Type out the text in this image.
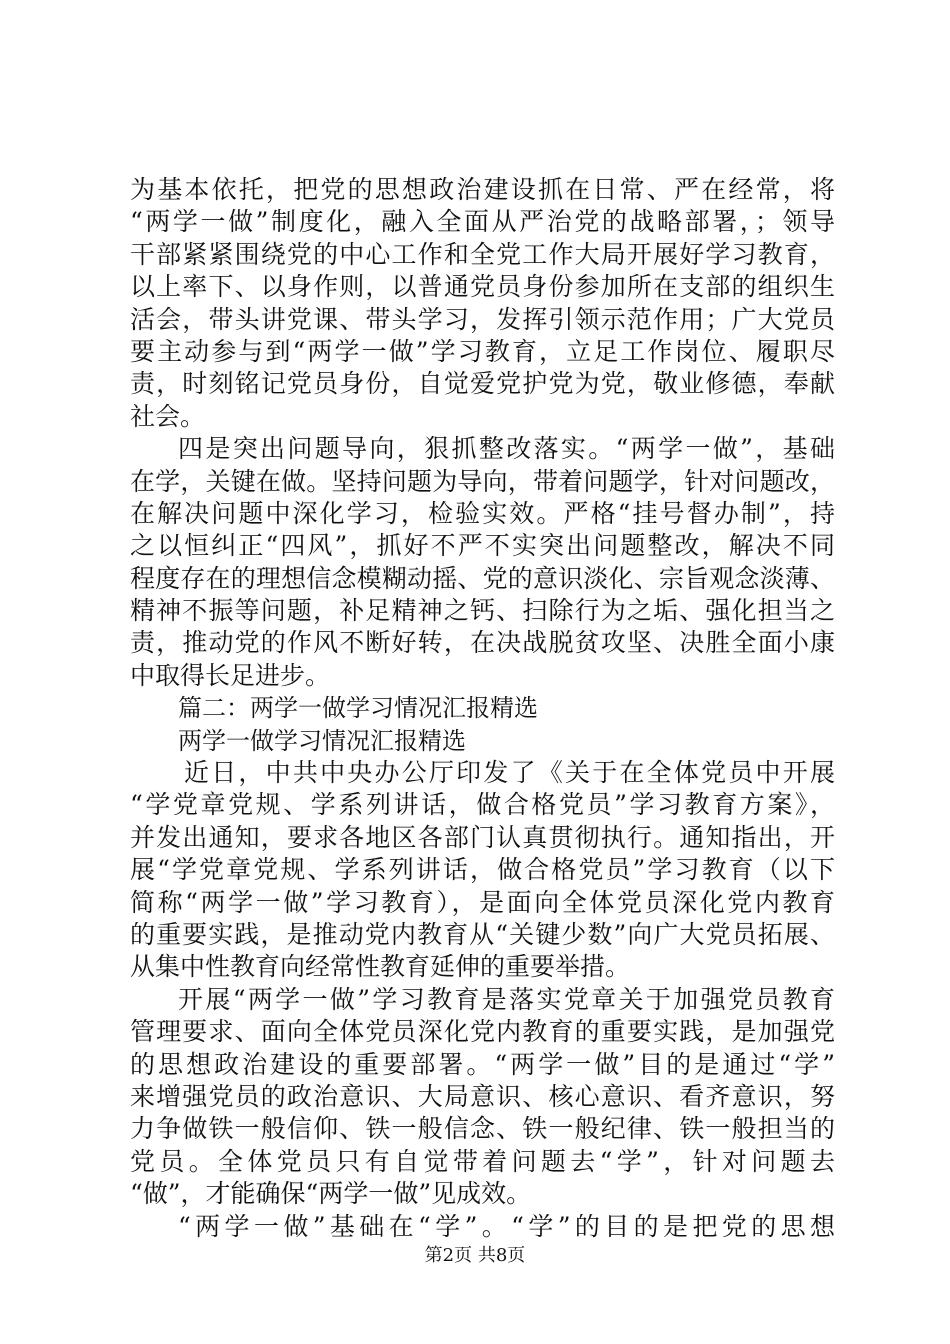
为基本依托，把党的思想政治建设抓在日常、严在经常，将
“两学一做”制度化，融入全面从严治党的战略部署，；领导
干部紧紧围绕党的中心工作和全党工作大局开展好学习教育，
以上率下、以身作则，以普通党员身份参加所在支部的组织生
活会，带头讲党课、带头学习，发挥引领示范作用；广大党员
要主动参与到“两学一做”学习教育，立足工作岗位、履职尽
责，时刻铭记党员身份，自觉爱党护党为党，敬业修德，奉献
社会。
四是突出问题导向，狠抓整改落实。“两学一做”，基础
在学，关键在做。坚持问题为导向，带着问题学，针对问题改，
在解决问题中深化学习，检验实效。严格“挂号督办制”，持
之以恒纠正“四风”，抓好不严不实突出问题整改，解决不同
程度存在的理想信念模糊动摇、党的意识淡化、宗旨观念淡薄、
精神不振等问题，补足精神之钙、扫除行为之垢、强化担当之
责，推动党的作风不断好转，在决战脱贫攻坚、决胜全面小康
中取得长足进步。
篇二：两学一做学习情况汇报精选
两学一做学习情况汇报精选
近日，中共中央办公厅印发了《关于在全体党员中开展
“学党章党规、学系列讲话，做合格党员”学习教育方案》，
并发出通知，要求各地区各部门认真贯彻执行。通知指出，开
展“学党章党规、学系列讲话，做合格党员”学习教育（以下
简称“两学一做”学习教育），是面向全体党员深化党内教育
的重要实践，是推动党内教育从“关键少数”向广大党员拓展、
从集中性教育向经常性教育延伸的重要举措。
开展“两学一做”学习教育是落实党章关于加强党员教育
管理要求、面向全体党员深化党内教育的重要实践，是加强党
的思想政治建设的重要部署。“两学一做”目的是通过“学”
来增强党员的政治意识、大局意识、核心意识、看齐意识，努
力争做铁一般信仰、铁一般信念、铁一般纪律、铁一般担当的
党员。全体党员只有自觉带着问题去“学”，针对问题去
“做”，才能确保“两学一做”见成效。
“两学一做”基础在“学”。“学”的目的是把党的思想
第2页 共8页
